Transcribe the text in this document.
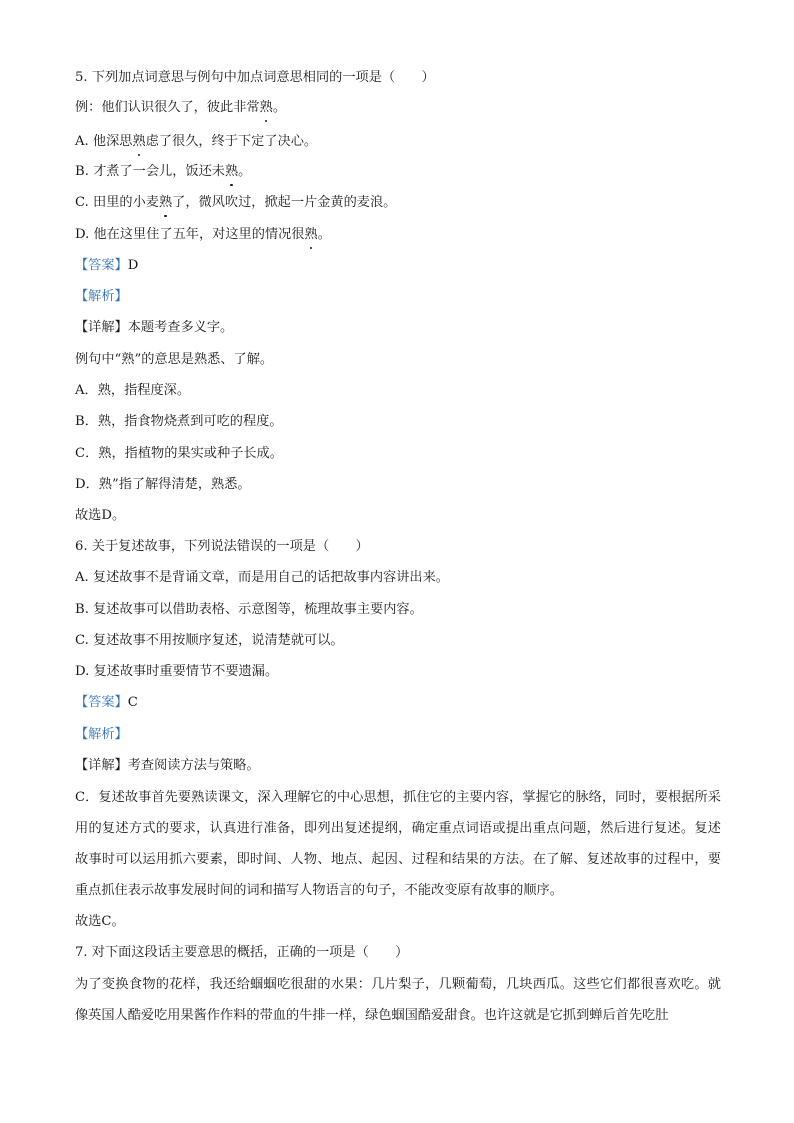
5. 下列加点词意思与例句中加点词意思相同的一项是（　　）
例：他们认识很久了，彼此非常熟。
A. 他深思熟虑了很久，终于下定了决心。
B. 才煮了一会儿，饭还未熟。
C. 田里的小麦熟了，微风吹过，掀起一片金黄的麦浪。
D. 他在这里住了五年，对这里的情况很熟。
【答案】D
【解析】
【详解】本题考查多义字。
例句中“熟”的意思是熟悉、了解。
A．熟，指程度深。
B．熟，指食物烧煮到可吃的程度。
C．熟，指植物的果实或种子长成。
D．熟”指了解得清楚，熟悉。
故选D。
6. 关于复述故事，下列说法错误的一项是（　　）
A. 复述故事不是背诵文章，而是用自己的话把故事内容讲出来。
B. 复述故事可以借助表格、示意图等，梳理故事主要内容。
C. 复述故事不用按顺序复述，说清楚就可以。
D. 复述故事时重要情节不要遗漏。
【答案】C
【解析】
【详解】考查阅读方法与策略。
C．复述故事首先要熟读课文，深入理解它的中心思想，抓住它的主要内容，掌握它的脉络，同时，要根据所采用的复述方式的要求，认真进行准备，即列出复述提纲，确定重点词语或提出重点问题，然后进行复述。复述故事时可以运用抓六要素，即时间、人物、地点、起因、过程和结果的方法。在了解、复述故事的过程中，要重点抓住表示故事发展时间的词和描写人物语言的句子，不能改变原有故事的顺序。
故选C。
7. 对下面这段话主要意思的概括，正确的一项是（　　）
为了变换食物的花样，我还给蝈蝈吃很甜的水果：几片梨子，几颗葡萄，几块西瓜。这些它们都很喜欢吃。就像英国人酷爱吃用果酱作作料的带血的牛排一样，绿色蝈国酷爱甜食。也许这就是它抓到蝉后首先吃肚
